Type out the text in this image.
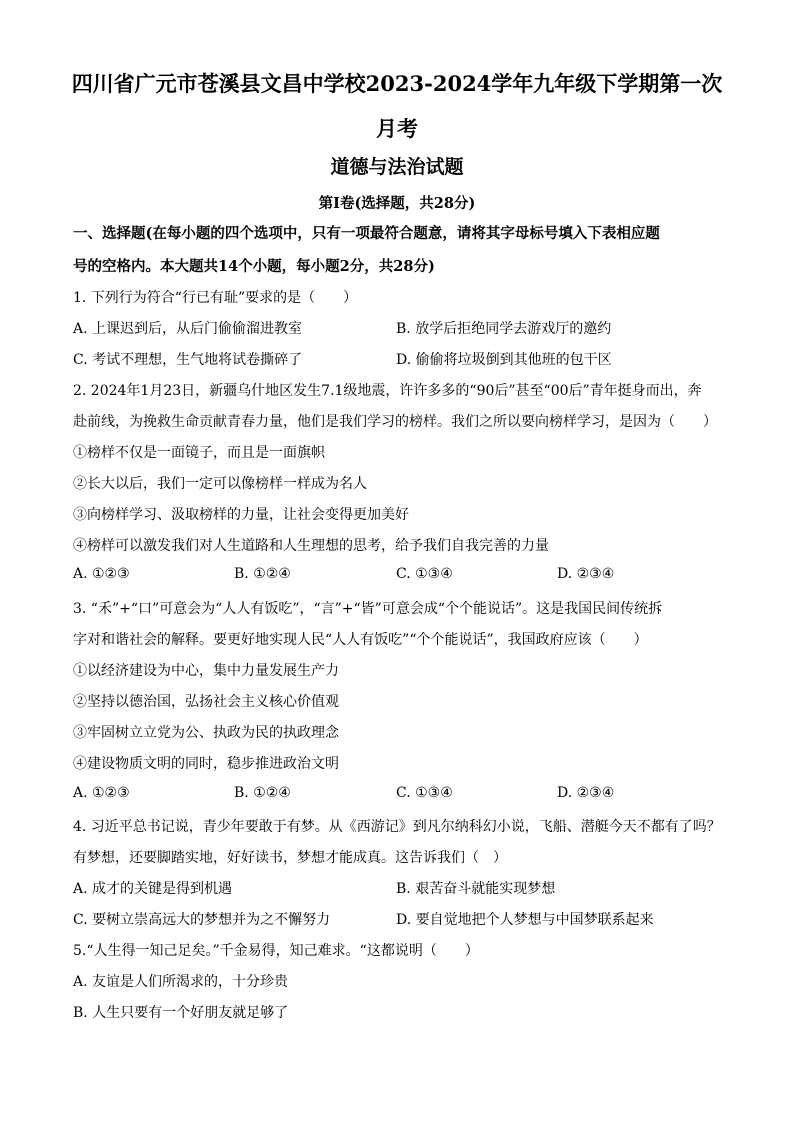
四川省广元市苍溪县文昌中学校2023-2024学年九年级下学期第一次
月考
道德与法治试题
第I卷(选择题，共28分)
一、选择题(在每小题的四个选项中，只有一项最符合题意，请将其字母标号填入下表相应题
号的空格内。本大题共14个小题，每小题2分，共28分)
1. 下列行为符合“行已有耻”要求的是（　　）
A. 上课迟到后，从后门偷偷溜进教室	B. 放学后拒绝同学去游戏厅的邀约
C. 考试不理想，生气地将试卷撕碎了	D. 偷偷将垃圾倒到其他班的包干区
2. 2024年1月23日，新疆乌什地区发生7.1级地震，许许多多的“90后”甚至“00后”青年挺身而出，奔
赴前线，为挽救生命贡献青春力量，他们是我们学习的榜样。我们之所以要向榜样学习，是因为（　　）
①榜样不仅是一面镜子，而且是一面旗帜
②长大以后，我们一定可以像榜样一样成为名人
③向榜样学习、汲取榜样的力量，让社会变得更加美好
④榜样可以激发我们对人生道路和人生理想的思考，给予我们自我完善的力量
A. ①②③	B. ①②④	C. ①③④	D. ②③④
3. “禾”+“口”可意会为“人人有饭吃”，“言”+“皆”可意会成“个个能说话”。这是我国民间传统拆
字对和谐社会的解释。要更好地实现人民“人人有饭吃”“个个能说话”，我国政府应该（　　）
①以经济建设为中心，集中力量发展生产力
②坚持以德治国，弘扬社会主义核心价值观
③牢固树立立党为公、执政为民的执政理念
④建设物质文明的同时，稳步推进政治文明
A. ①②③	B. ①②④	C. ①③④	D. ②③④
4. 习近平总书记说，青少年要敢于有梦。从《西游记》到凡尔纳科幻小说，飞船、潜艇今天不都有了吗？
有梦想，还要脚踏实地，好好读书，梦想才能成真。这告诉我们（　）
A. 成才的关键是得到机遇	B. 艰苦奋斗就能实现梦想
C. 要树立崇高远大的梦想并为之不懈努力	D. 要自觉地把个人梦想与中国梦联系起来
5.“人生得一知己足矣。”千金易得，知己难求。“这都说明（　　）
A. 友谊是人们所渴求的，十分珍贵
B. 人生只要有一个好朋友就足够了
